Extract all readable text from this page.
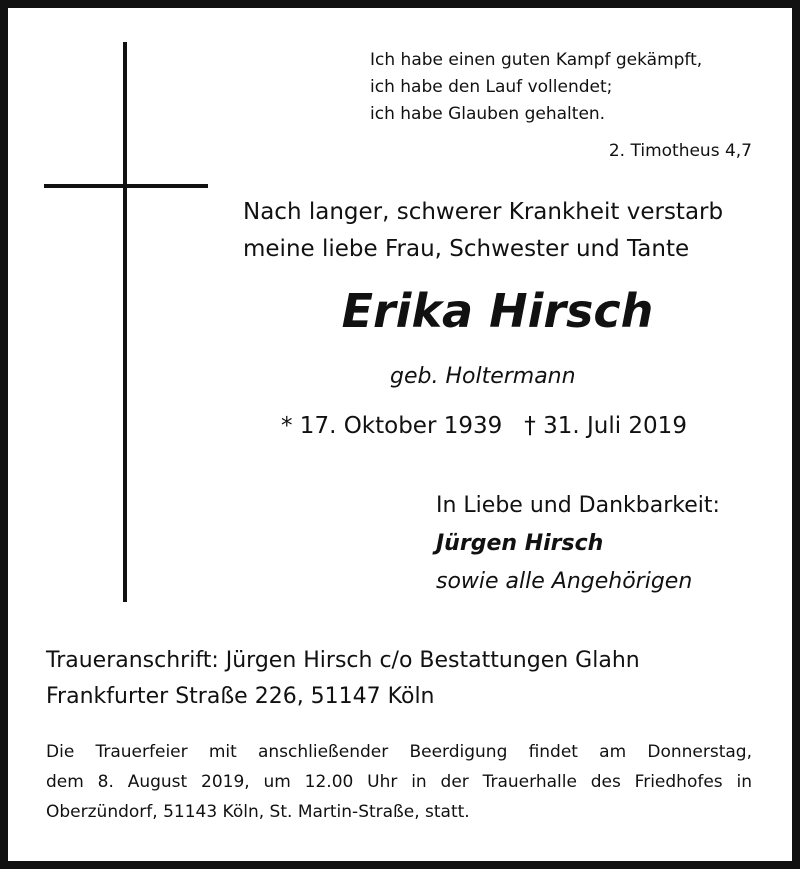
Ich habe einen guten Kampf gekämpft,
ich habe den Lauf vollendet;
ich habe Glauben gehalten.
2. Timotheus 4,7
Nach langer, schwerer Krankheit verstarb
meine liebe Frau, Schwester und Tante
Erika Hirsch
geb. Holtermann
* 17. Oktober 1939 † 31. Juli 2019
In Liebe und Dankbarkeit:
Jürgen Hirsch
sowie alle Angehörigen
Traueranschrift: Jürgen Hirsch c/o Bestattungen Glahn
Frankfurter Straße 226, 51147 Köln
Die Trauerfeier mit anschließender Beerdigung findet am Donnerstag,
dem 8. August 2019, um 12.00 Uhr in der Trauerhalle des Friedhofes in
Oberzündorf, 51143 Köln, St. Martin-Straße, statt.
